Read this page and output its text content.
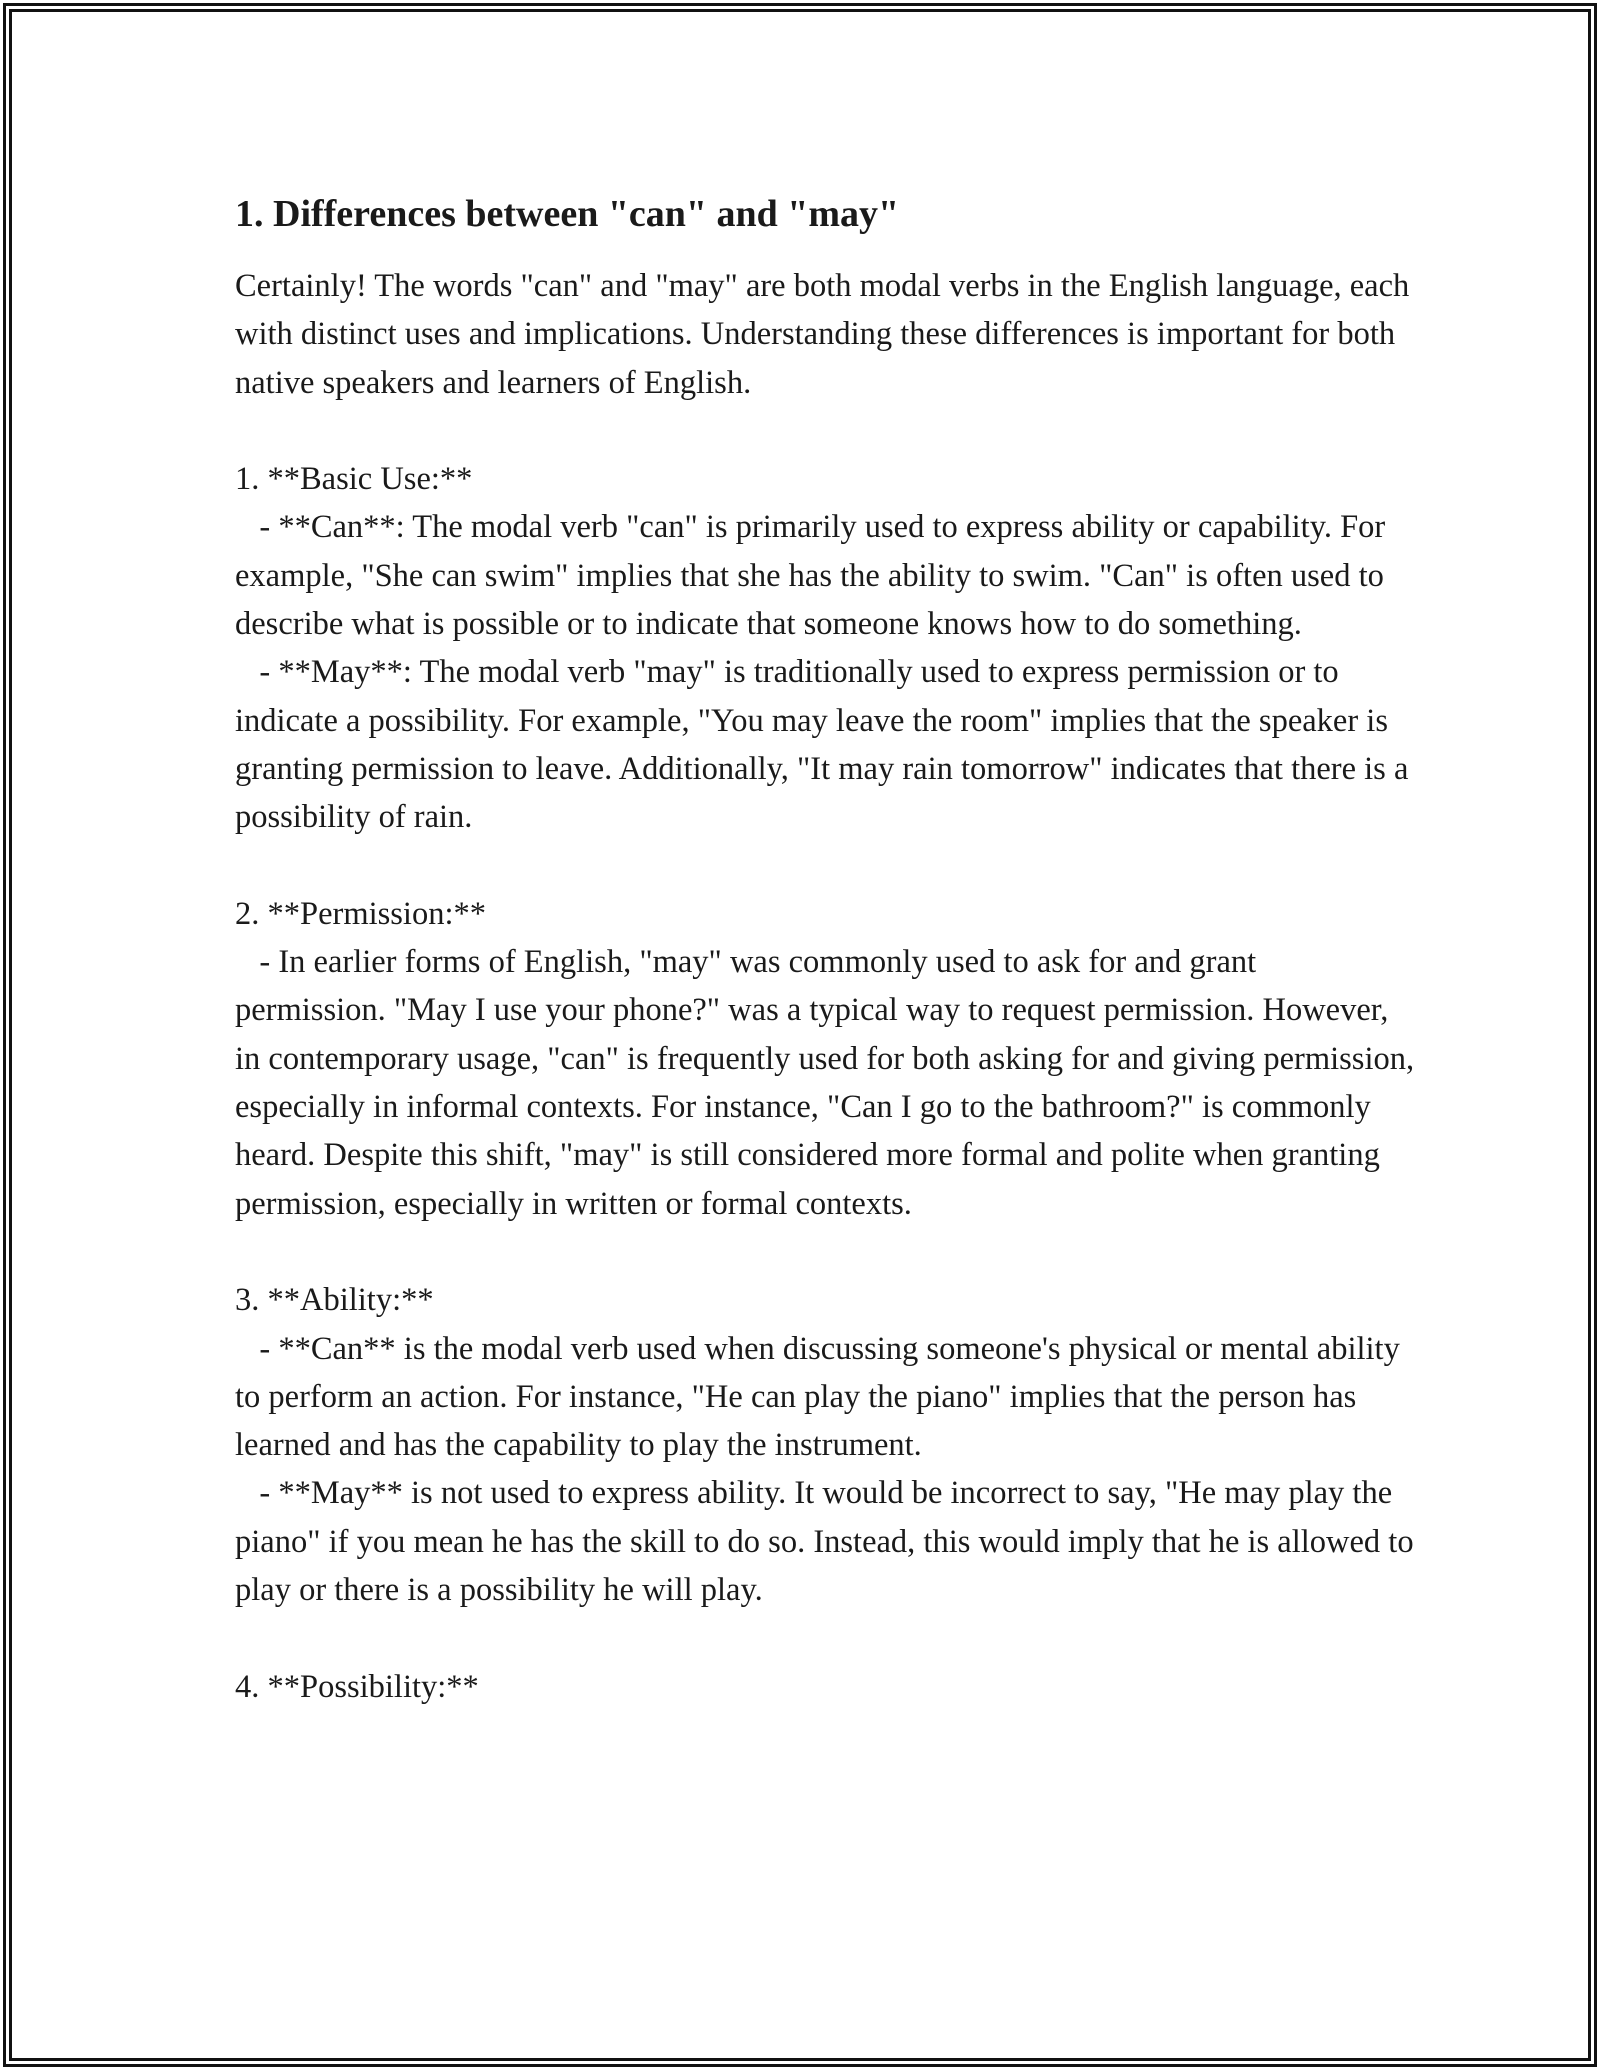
1. Differences between "can" and "may"

Certainly! The words "can" and "may" are both modal verbs in the English language, each with distinct uses and implications. Understanding these differences is important for both native speakers and learners of English.

1. **Basic Use:**

- **Can**: The modal verb "can" is primarily used to express ability or capability. For example, "She can swim" implies that she has the ability to swim. "Can" is often used to describe what is possible or to indicate that someone knows how to do something.

- **May**: The modal verb "may" is traditionally used to express permission or to indicate a possibility. For example, "You may leave the room" implies that the speaker is granting permission to leave. Additionally, "It may rain tomorrow" indicates that there is a possibility of rain.

2. **Permission:**

- In earlier forms of English, "may" was commonly used to ask for and grant permission. "May I use your phone?" was a typical way to request permission. However, in contemporary usage, "can" is frequently used for both asking for and giving permission, especially in informal contexts. For instance, "Can I go to the bathroom?" is commonly heard. Despite this shift, "may" is still considered more formal and polite when granting permission, especially in written or formal contexts.

3. **Ability:**

- **Can** is the modal verb used when discussing someone's physical or mental ability to perform an action. For instance, "He can play the piano" implies that the person has learned and has the capability to play the instrument.

- **May** is not used to express ability. It would be incorrect to say, "He may play the piano" if you mean he has the skill to do so. Instead, this would imply that he is allowed to play or there is a possibility he will play.

4. **Possibility:**
